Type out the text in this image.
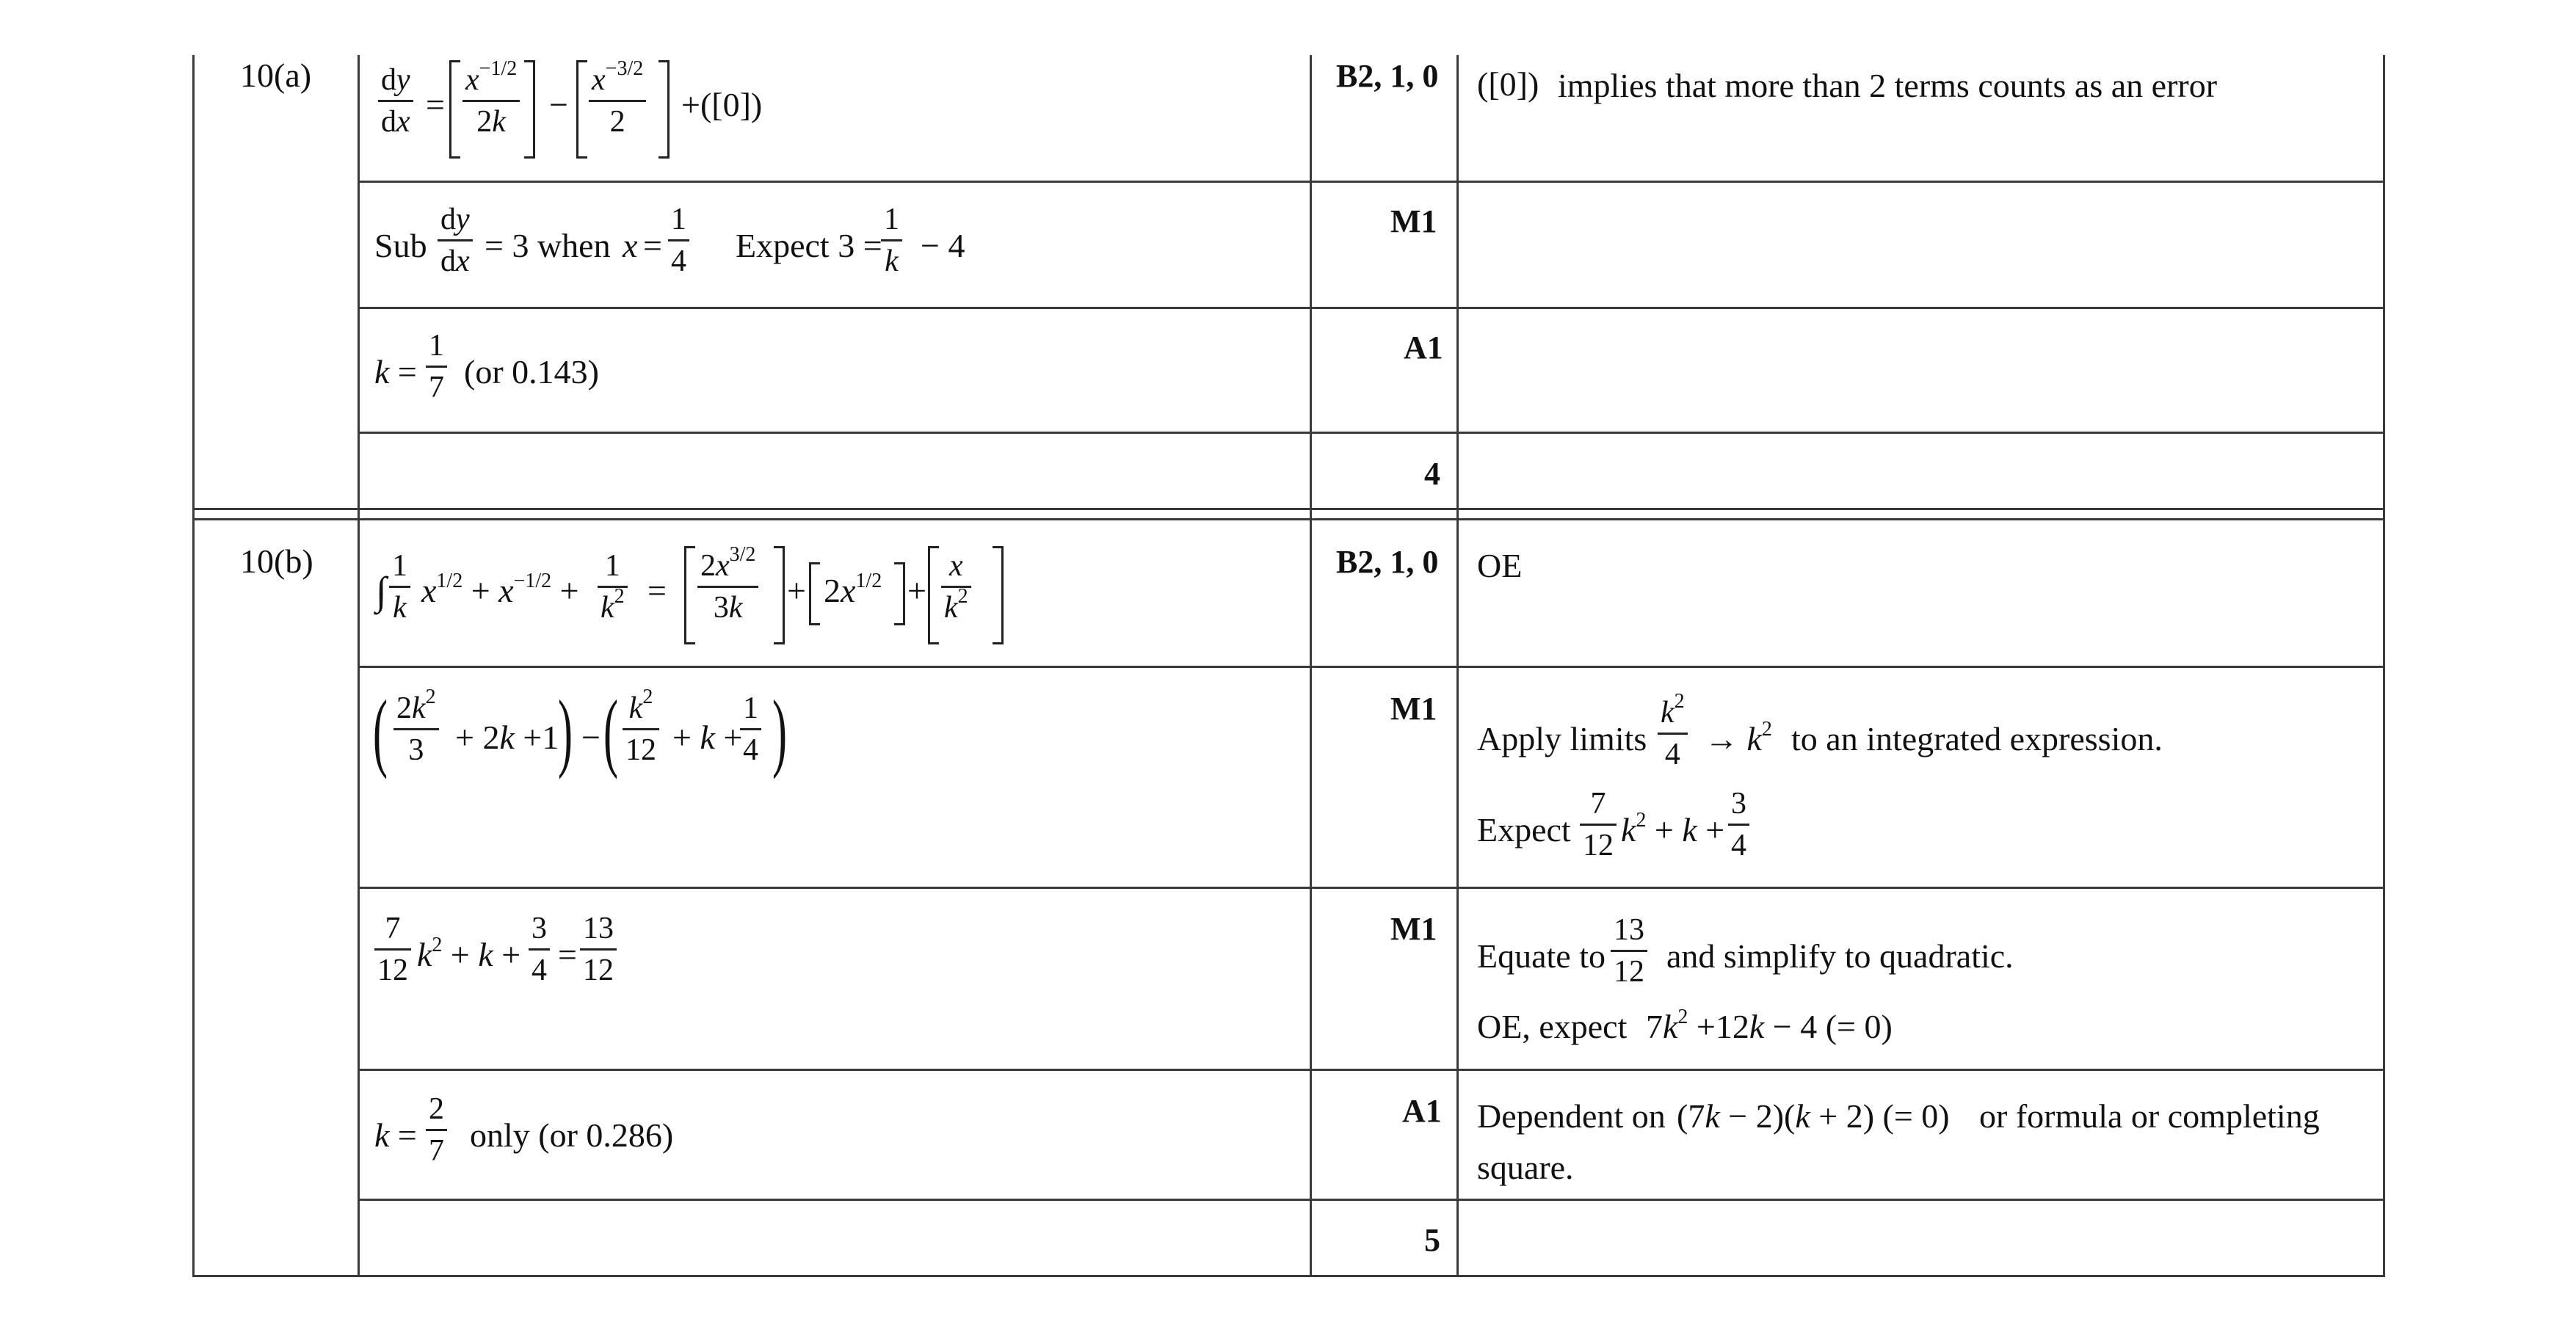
$10(a) \frac{dy}{dx} = \frac{x^{-1/2}}{2k} - \frac{x^{-3/2}}{2} +([0])$
Sub $\frac{dy}{dx} = 3$ when $x = \frac{1}{4}$ Expect 3 =
$\frac{1}{k} - 4$
$k = \frac{1}{7} (or$ 0.143)
B2, 1, 0
M1
A1
4
([0]) implies that more than 2 terms counts as an error
10(b)
∫ $\frac{1}{k} x^{1/2} + x^{-1/2} + \frac{1}{k^2} = \frac{2x^{3/2}}{3k} + 2x^{1/2} + \frac{x}{k^2}$
( $\frac{2k^2}{3} + 2k +1$
) − ( $\frac{k^2}{12} + k$ +
$\frac{1}{4}$ )
$\frac{7}{12} k^2 + k + \frac{3}{4} = \frac{13}{12}$
$k = \frac{2}{7}$ only (or 0.286)
B2, 1, 0
M1
M1
A1
5
OE
Apply limits $\frac{k^2}{4} \to k^2$ to an integrated expression.
Expect $\frac{7}{12} k^2 + k + \frac{3}{4}$
Equate to $\frac{13}{12}$ and simplify to quadratic.
OE, expect $7k^2 +12k - 4$ (= 0)
Dependent on (7k − 2)(k + 2) (= 0) or formula or completing
square.
